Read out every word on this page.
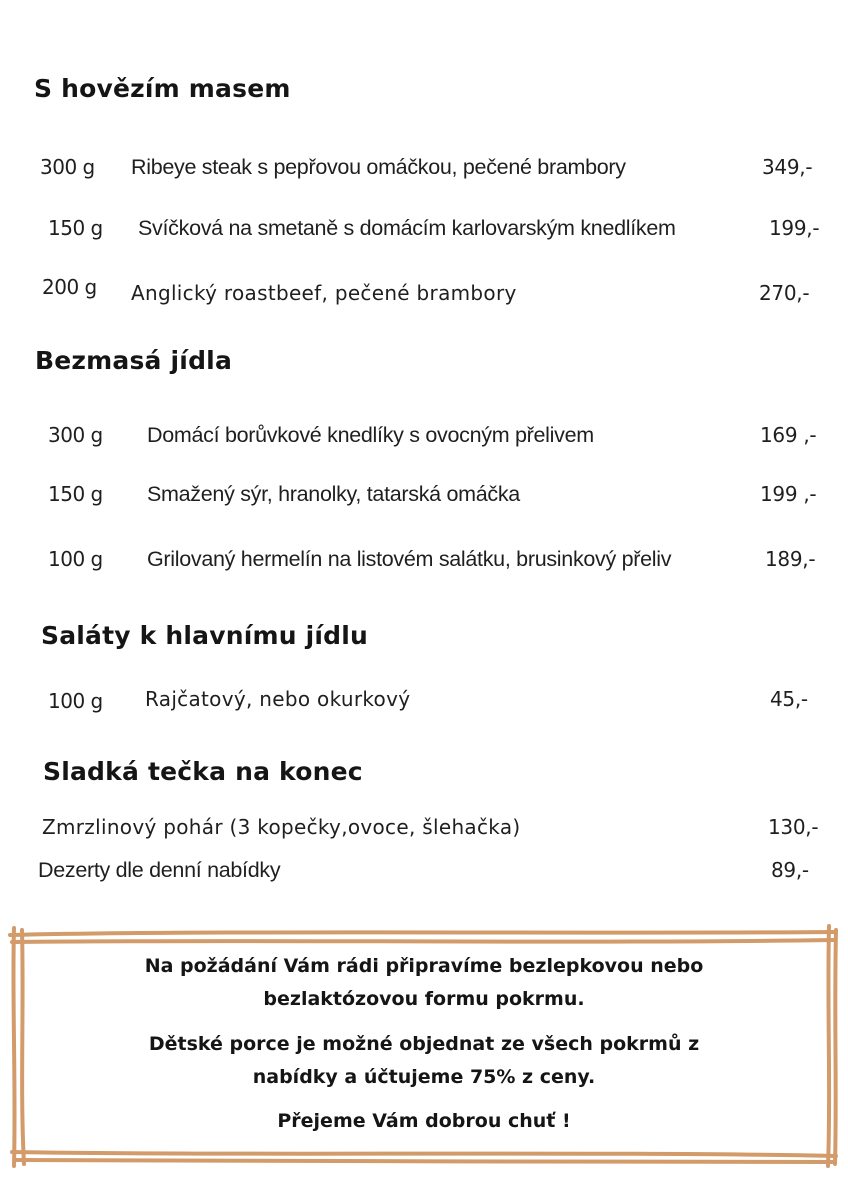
S hovězím masem
300 g Ribeye steak s pepřovou omáčkou, pečené brambory	349,-
150 g Svíčková na smetaně s domácím karlovarským knedlíkem	199,-
200 g Anglický roastbeef, pečené brambory	270,-
Bezmasá jídla
300 g Domácí borůvkové knedlíky s ovocným přelivem	169 ,-
150 g Smažený sýr, hranolky, tatarská omáčka	199 ,-
100 g Grilovaný hermelín na listovém salátku, brusinkový přeliv	189,-
Saláty k hlavnímu jídlu
100 g Rajčatový, nebo okurkový	45,-
Sladká tečka na konec
Zmrzlinový pohár (3 kopečky,ovoce, šlehačka)	130,-
Dezerty dle denní nabídky	89,-
Na požádání Vám rádi připravíme bezlepkovou nebo
bezlaktózovou formu pokrmu.
Dětské porce je možné objednat ze všech pokrmů z
nabídky a účtujeme 75% z ceny.
Přejeme Vám dobrou chuť !
